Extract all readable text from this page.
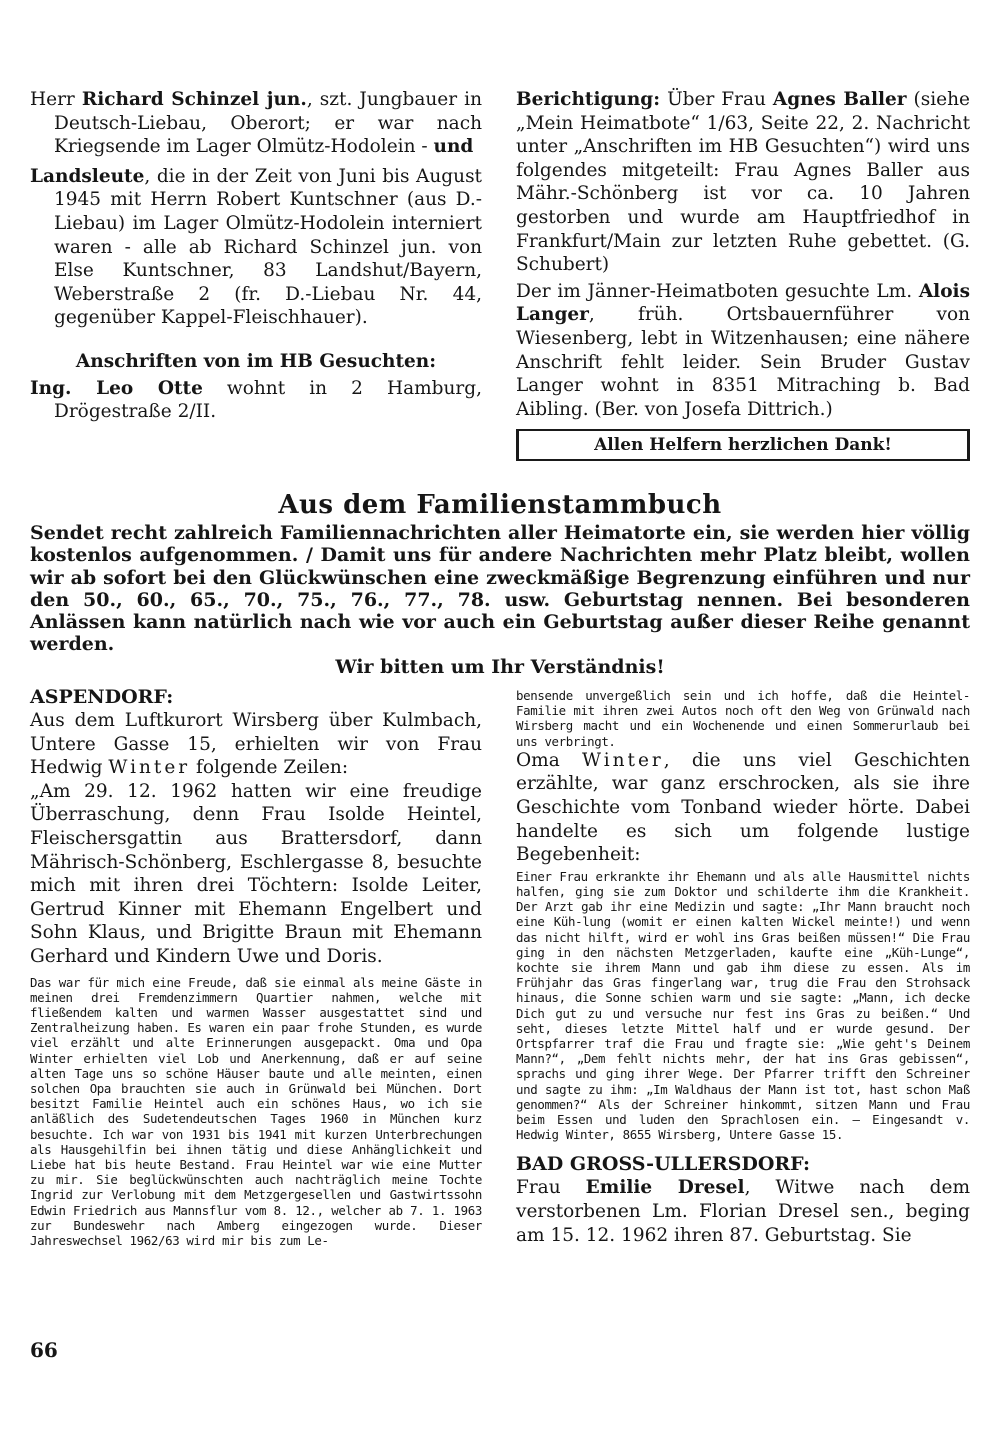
Herr Richard Schinzel jun., szt. Jungbauer in Deutsch-Liebau, Oberort; er war nach Kriegsende im Lager Olmütz-Hodolein - und

Landsleute, die in der Zeit von Juni bis August 1945 mit Herrn Robert Kuntschner (aus D.-Liebau) im Lager Olmütz-Hodolein interniert waren - alle ab Richard Schinzel jun. von Else Kuntschner, 83 Landshut/Bayern, Weberstraße 2 (fr. D.-Liebau Nr. 44, gegenüber Kappel-Fleischhauer).

Anschriften von im HB Gesuchten:

Ing. Leo Otte wohnt in 2 Hamburg, Drögestraße 2/II.

Berichtigung: Über Frau Agnes Baller (siehe „Mein Heimatbote“ 1/63, Seite 22, 2. Nachricht unter „Anschriften im HB Gesuchten“) wird uns folgendes mitgeteilt: Frau Agnes Baller aus Mähr.-Schönberg ist vor ca. 10 Jahren gestorben und wurde am Hauptfriedhof in Frankfurt/Main zur letzten Ruhe gebettet. (G. Schubert)

Der im Jänner-Heimatboten gesuchte Lm. Alois Langer, früh. Ortsbauernführer von Wiesenberg, lebt in Witzenhausen; eine nähere Anschrift fehlt leider. Sein Bruder Gustav Langer wohnt in 8351 Mitraching b. Bad Aibling. (Ber. von Josefa Dittrich.)

Allen Helfern herzlichen Dank!
Aus dem Familienstammbuch

Sendet recht zahlreich Familiennachrichten aller Heimatorte ein, sie werden hier völlig kostenlos aufgenommen. / Damit uns für andere Nachrichten mehr Platz bleibt, wollen wir ab sofort bei den Glückwünschen eine zweckmäßige Begrenzung einführen und nur den 50., 60., 65., 70., 75., 76., 77., 78. usw. Geburtstag nennen. Bei besonderen Anlässen kann natürlich nach wie vor auch ein Geburtstag außer dieser Reihe genannt werden.

Wir bitten um Ihr Verständnis!

ASPENDORF:

Aus dem Luftkurort Wirsberg über Kulmbach, Untere Gasse 15, erhielten wir von Frau Hedwig Winter folgende Zeilen:

„Am 29. 12. 1962 hatten wir eine freudige Überraschung, denn Frau Isolde Heintel, Fleischersgattin aus Brattersdorf, dann Mährisch-Schönberg, Eschlergasse 8, besuchte mich mit ihren drei Töchtern: Isolde Leiter, Gertrud Kinner mit Ehemann Engelbert und Sohn Klaus, und Brigitte Braun mit Ehemann Gerhard und Kindern Uwe und Doris.

Das war für mich eine Freude, daß sie einmal als meine Gäste in meinen drei Fremdenzimmern Quartier nahmen, welche mit fließendem kalten und warmen Wasser ausgestattet sind und Zentralheizung haben. Es waren ein paar frohe Stunden, es wurde viel erzählt und alte Erinnerungen ausgepackt. Oma und Opa Winter erhielten viel Lob und Anerkennung, daß er auf seine alten Tage uns so schöne Häuser baute und alle meinten, einen solchen Opa brauchten sie auch in Grünwald bei München. Dort besitzt Familie Heintel auch ein schönes Haus, wo ich sie anläßlich des Sudetendeutschen Tages 1960 in München kurz besuchte. Ich war von 1931 bis 1941 mit kurzen Unterbrechungen als Hausgehilfin bei ihnen tätig und diese Anhänglichkeit und Liebe hat bis heute Bestand. Frau Heintel war wie eine Mutter zu mir. Sie beglückwünschten auch nachträglich meine Tochte Ingrid zur Verlobung mit dem Metzgergesellen und Gastwirtssohn Edwin Friedrich aus Mannsflur vom 8. 12., welcher ab 7. 1. 1963 zur Bundeswehr nach Amberg eingezogen wurde. Dieser Jahreswechsel 1962/63 wird mir bis zum Le-

bensende unvergeßlich sein und ich hoffe, daß die Heintel-Familie mit ihren zwei Autos noch oft den Weg von Grünwald nach Wirsberg macht und ein Wochenende und einen Sommerurlaub bei uns verbringt.

Oma Winter, die uns viel Geschichten erzählte, war ganz erschrocken, als sie ihre Geschichte vom Tonband wieder hörte. Dabei handelte es sich um folgende lustige Begebenheit:

Einer Frau erkrankte ihr Ehemann und als alle Hausmittel nichts halfen, ging sie zum Doktor und schilderte ihm die Krankheit. Der Arzt gab ihr eine Medizin und sagte: „Ihr Mann braucht noch eine Küh-lung (womit er einen kalten Wickel meinte!) und wenn das nicht hilft, wird er wohl ins Gras beißen müssen!“ Die Frau ging in den nächsten Metzgerladen, kaufte eine „Küh-Lunge“, kochte sie ihrem Mann und gab ihm diese zu essen. Als im Frühjahr das Gras fingerlang war, trug die Frau den Strohsack hinaus, die Sonne schien warm und sie sagte: „Mann, ich decke Dich gut zu und versuche nur fest ins Gras zu beißen.“ Und seht, dieses letzte Mittel half und er wurde gesund. Der Ortspfarrer traf die Frau und fragte sie: „Wie geht's Deinem Mann?“, „Dem fehlt nichts mehr, der hat ins Gras gebissen“, sprachs und ging ihrer Wege. Der Pfarrer trifft den Schreiner und sagte zu ihm: „Im Waldhaus der Mann ist tot, hast schon Maß genommen?“ Als der Schreiner hinkommt, sitzen Mann und Frau beim Essen und luden den Sprachlosen ein. — Eingesandt v. Hedwig Winter, 8655 Wirsberg, Untere Gasse 15.

BAD GROSS-ULLERSDORF:

Frau Emilie Dresel, Witwe nach dem verstorbenen Lm. Florian Dresel sen., beging am 15. 12. 1962 ihren 87. Geburtstag. Sie

66
